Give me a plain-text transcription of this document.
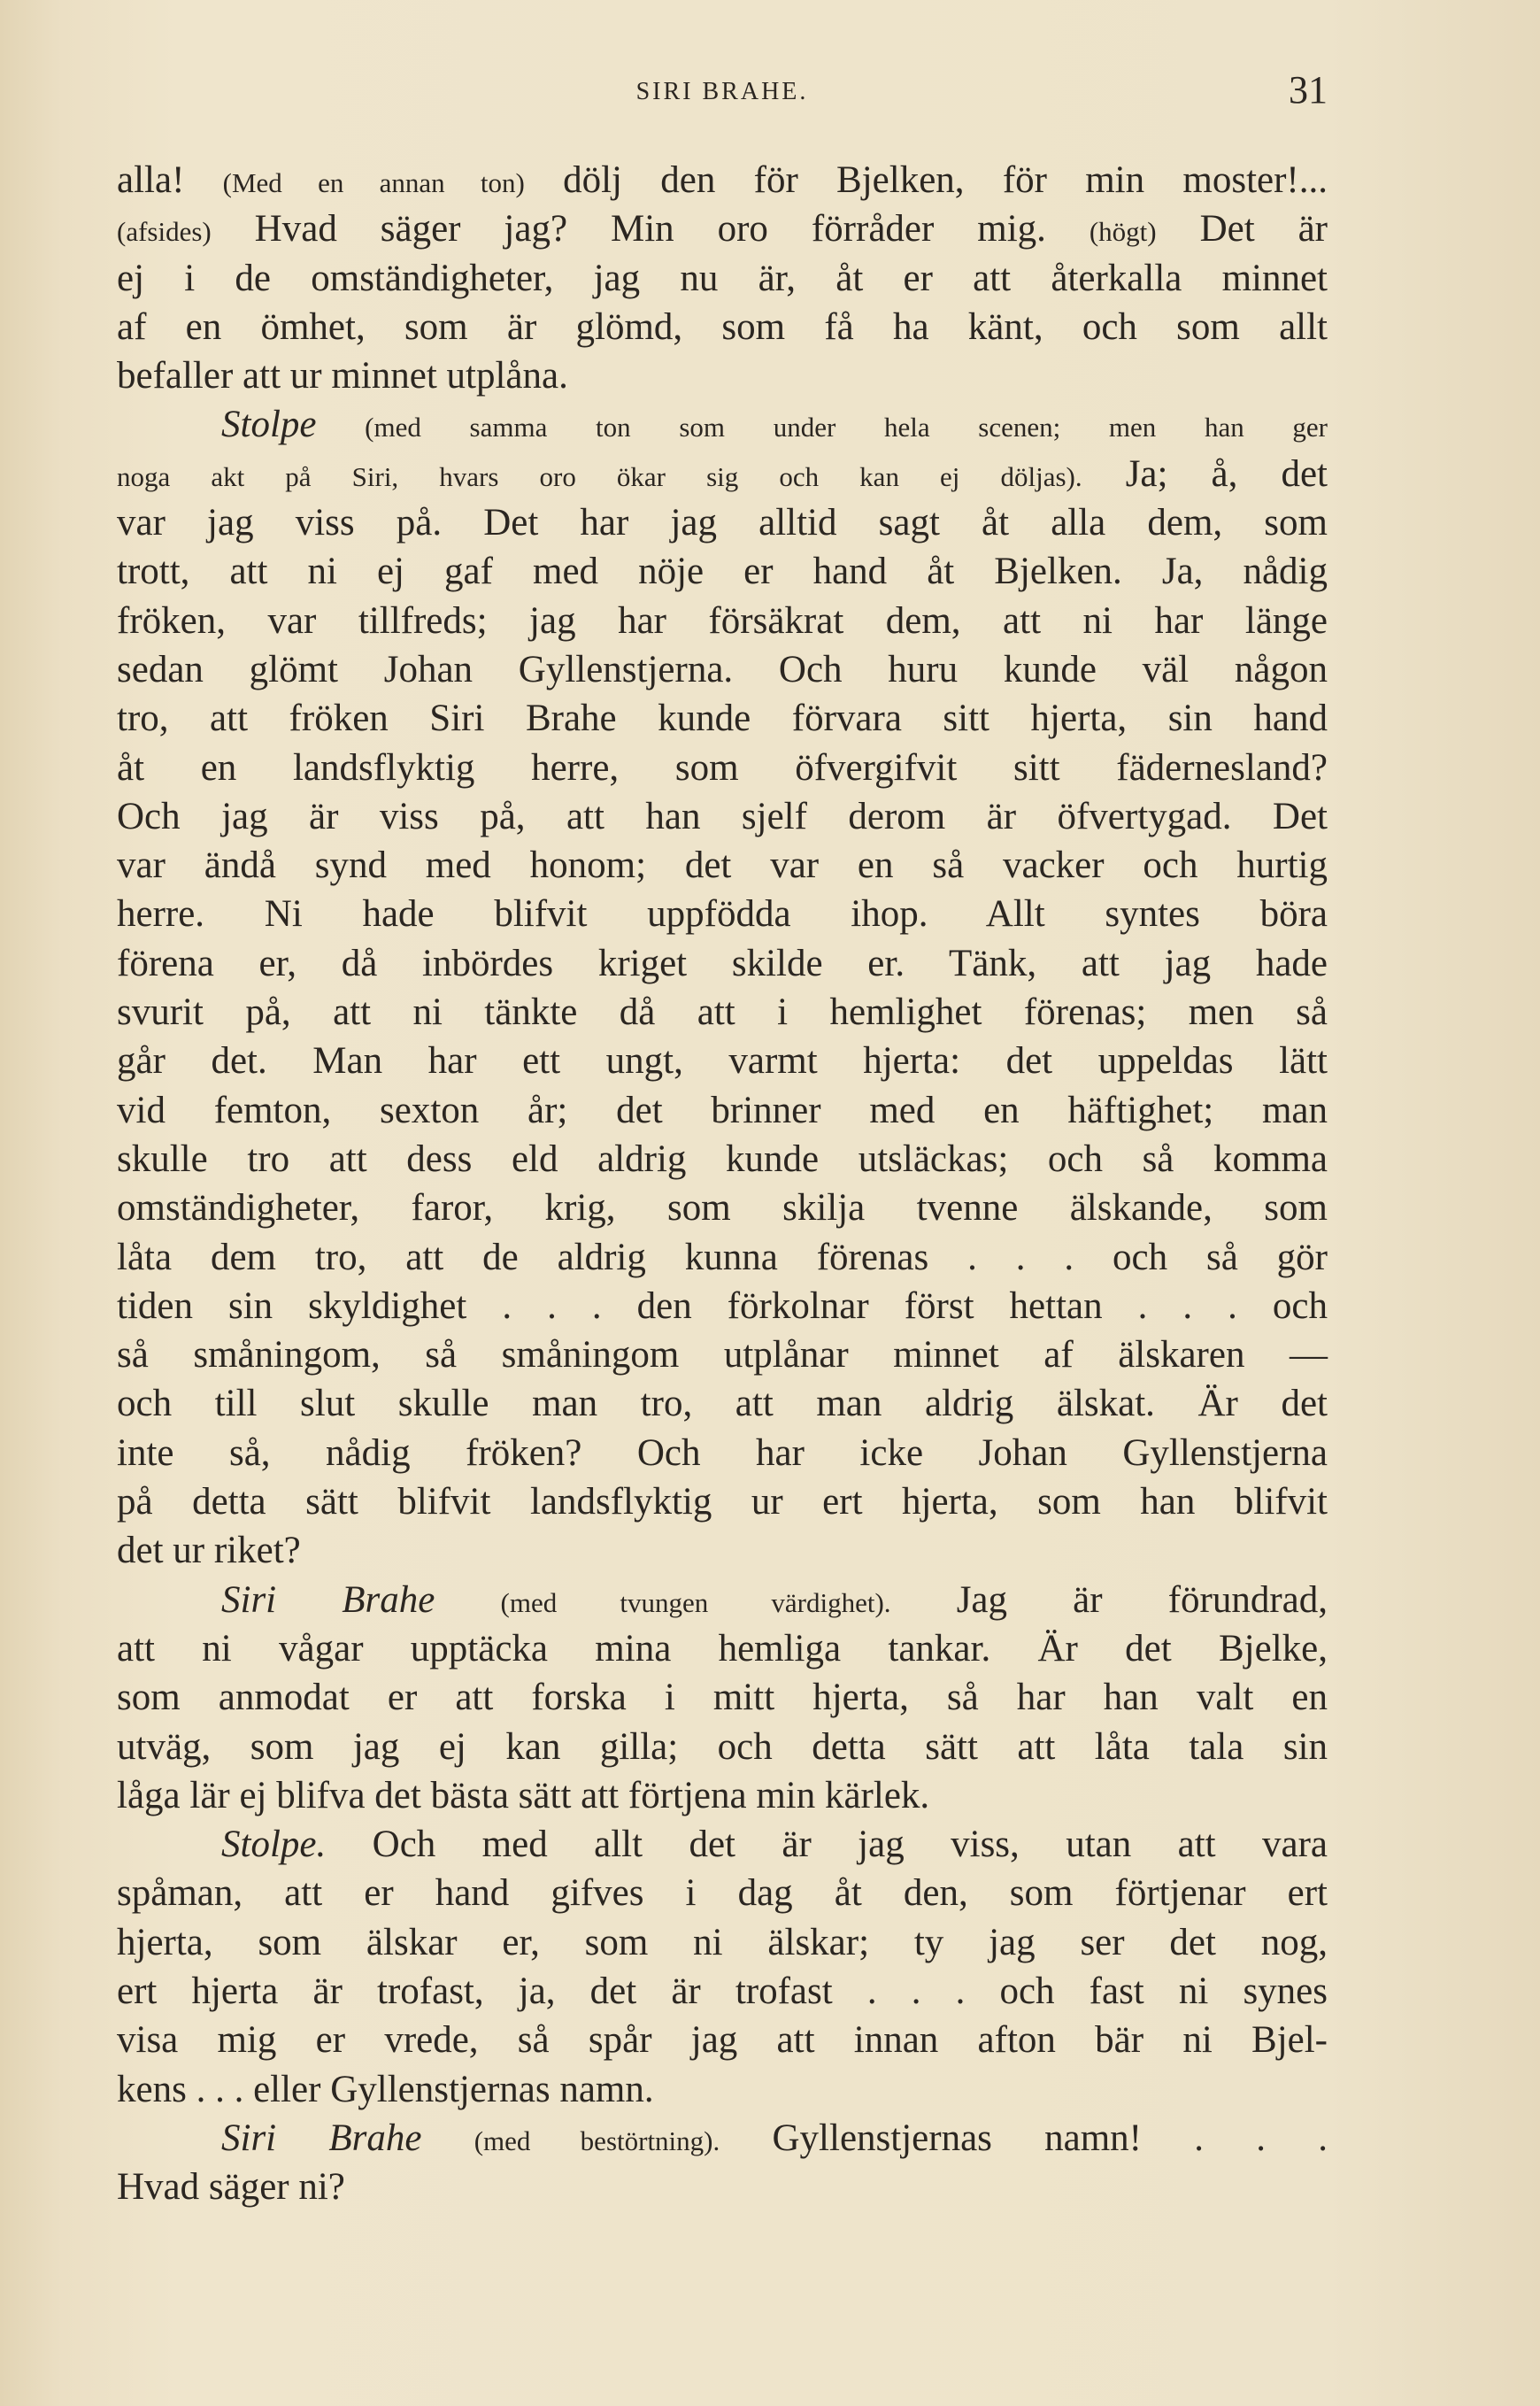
SIRI BRAHE.	31
alla! (Med en annan ton) dölj den för Bjelken, för min moster!...
(afsides) Hvad säger jag? Min oro förråder mig. (högt) Det är
ej i de omständigheter, jag nu är, åt er att återkalla minnet
af en ömhet, som är glömd, som få ha känt, och som allt
befaller att ur minnet utplåna.
Stolpe (med samma ton som under hela scenen; men han ger
noga akt på Siri, hvars oro ökar sig och kan ej döljas). Ja; å, det
var jag viss på. Det har jag alltid sagt åt alla dem, som
trott, att ni ej gaf med nöje er hand åt Bjelken. Ja, nådig
fröken, var tillfreds; jag har försäkrat dem, att ni har länge
sedan glömt Johan Gyllenstjerna. Och huru kunde väl någon
tro, att fröken Siri Brahe kunde förvara sitt hjerta, sin hand
åt en landsflyktig herre, som öfvergifvit sitt fädernesland?
Och jag är viss på, att han sjelf derom är öfvertygad. Det
var ändå synd med honom; det var en så vacker och hurtig
herre. Ni hade blifvit uppfödda ihop. Allt syntes böra
förena er, då inbördes kriget skilde er. Tänk, att jag hade
svurit på, att ni tänkte då att i hemlighet förenas; men så
går det. Man har ett ungt, varmt hjerta: det uppeldas lätt
vid femton, sexton år; det brinner med en häftighet; man
skulle tro att dess eld aldrig kunde utsläckas; och så komma
omständigheter, faror, krig, som skilja tvenne älskande, som
låta dem tro, att de aldrig kunna förenas . . . och så gör
tiden sin skyldighet . . . den förkolnar först hettan . . . och
så småningom, så småningom utplånar minnet af älskaren —
och till slut skulle man tro, att man aldrig älskat. Är det
inte så, nådig fröken? Och har icke Johan Gyllenstjerna
på detta sätt blifvit landsflyktig ur ert hjerta, som han blifvit
det ur riket?
Siri Brahe (med tvungen värdighet). Jag är förundrad,
att ni vågar upptäcka mina hemliga tankar. Är det Bjelke,
som anmodat er att forska i mitt hjerta, så har han valt en
utväg, som jag ej kan gilla; och detta sätt att låta tala sin
låga lär ej blifva det bästa sätt att förtjena min kärlek.
Stolpe. Och med allt det är jag viss, utan att vara
spåman, att er hand gifves i dag åt den, som förtjenar ert
hjerta, som älskar er, som ni älskar; ty jag ser det nog,
ert hjerta är trofast, ja, det är trofast . . . och fast ni synes
visa mig er vrede, så spår jag att innan afton bär ni Bjel-
kens . . . eller Gyllenstjernas namn.
Siri Brahe (med bestörtning). Gyllenstjernas namn! . . .
Hvad säger ni?
